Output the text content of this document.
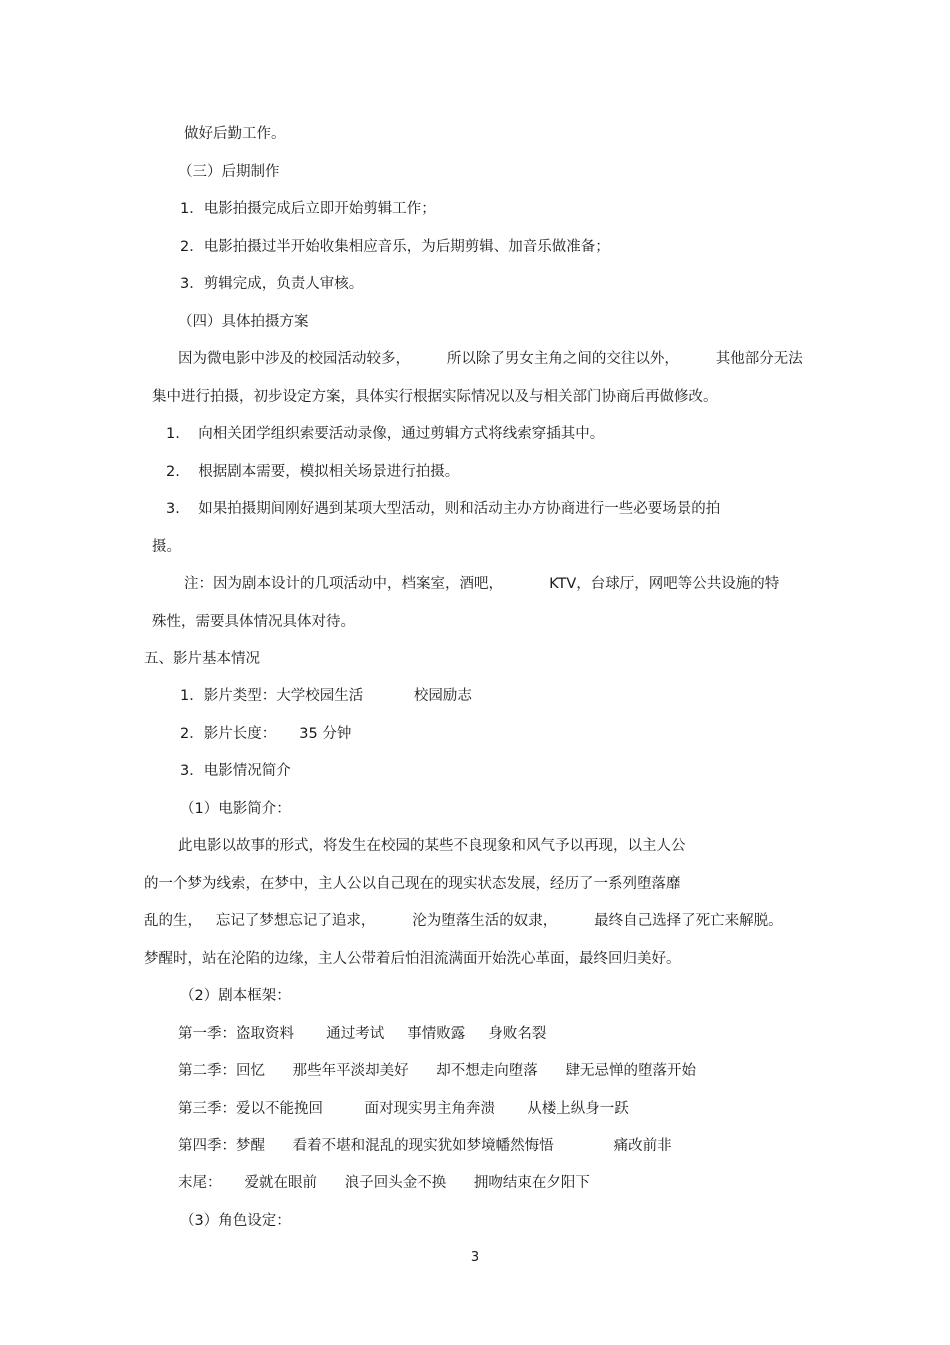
做好后勤工作。
（三）后期制作
1．电影拍摄完成后立即开始剪辑工作；
2．电影拍摄过半开始收集相应音乐，为后期剪辑、加音乐做准备；
3．剪辑完成，负责人审核。
（四）具体拍摄方案
因为微电影中涉及的校园活动较多，        所以除了男女主角之间的交往以外，        其他部分无法
集中进行拍摄，初步设定方案，具体实行根据实际情况以及与相关部门协商后再做修改。
1.    向相关团学组织索要活动录像，通过剪辑方式将线索穿插其中。
2.    根据剧本需要，模拟相关场景进行拍摄。
3.    如果拍摄期间刚好遇到某项大型活动，则和活动主办方协商进行一些必要场景的拍
摄。
注：因为剧本设计的几项活动中，档案室，酒吧，          KTV，台球厅，网吧等公共设施的特
殊性，需要具体情况具体对待。
五、影片基本情况
1．影片类型：大学校园生活           校园励志
2．影片长度：     35 分钟
3．电影情况简介
（1）电影简介：
此电影以故事的形式，将发生在校园的某些不良现象和风气予以再现，以主人公
的一个梦为线索，在梦中，主人公以自己现在的现实状态发展，经历了一系列堕落靡
乱的生，   忘记了梦想忘记了追求，        沦为堕落生活的奴隶，        最终自己选择了死亡来解脱。
梦醒时，站在沦陷的边缘，主人公带着后怕泪流满面开始洗心革面，最终回归美好。
（2）剧本框架：
第一季：盗取资料       通过考试     事情败露     身败名裂
第二季：回忆      那些年平淡却美好      却不想走向堕落      肆无忌惮的堕落开始
第三季：爱以不能挽回         面对现实男主角奔溃       从楼上纵身一跃
第四季：梦醒      看着不堪和混乱的现实犹如梦境幡然悔悟             痛改前非
末尾：     爱就在眼前      浪子回头金不换      拥吻结束在夕阳下
（3）角色设定：
3
